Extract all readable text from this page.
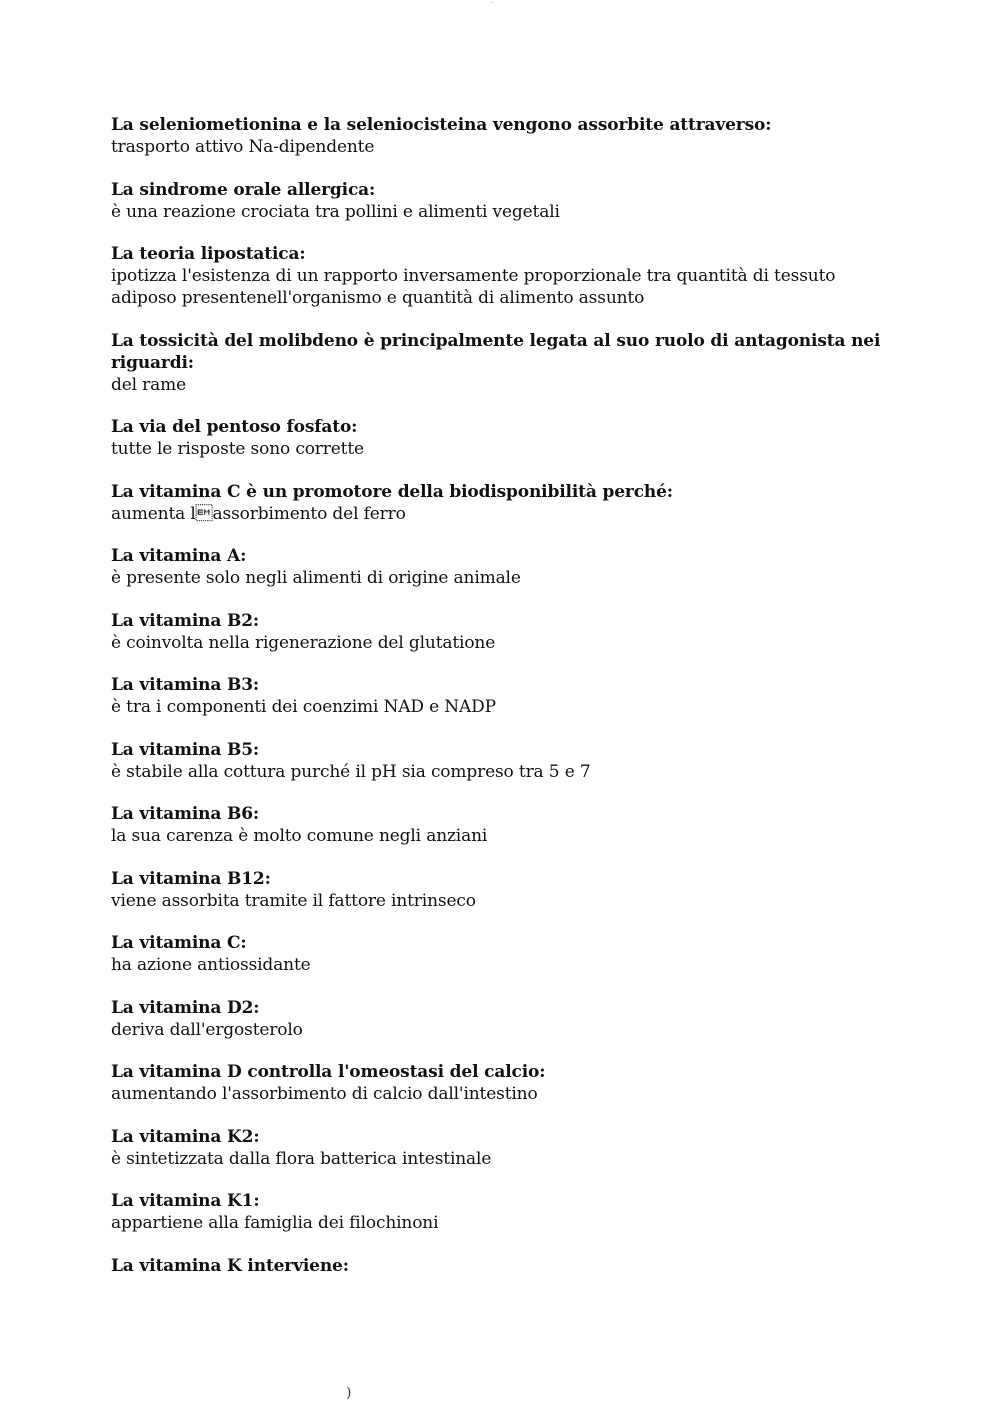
~~~
La seleniometionina e la seleniocisteina vengono assorbite attraverso:
trasporto attivo Na-dipendente
La sindrome orale allergica:
è una reazione crociata tra pollini e alimenti vegetali
La teoria lipostatica:
ipotizza l'esistenza di un rapporto inversamente proporzionale tra quantità di tessuto adiposo presentenell'organismo e quantità di alimento assunto
La tossicità del molibdeno è principalmente legata al suo ruolo di antagonista nei riguardi:
del rame
La via del pentoso fosfato:
tutte le risposte sono corrette
La vitamina C è un promotore della biodisponibilità perché:
aumenta lassorbimento del ferro
La vitamina A:
è presente solo negli alimenti di origine animale
La vitamina B2:
è coinvolta nella rigenerazione del glutatione
La vitamina B3:
è tra i componenti dei coenzimi NAD e NADP
La vitamina B5:
è stabile alla cottura purché il pH sia compreso tra 5 e 7
La vitamina B6:
la sua carenza è molto comune negli anziani
La vitamina B12:
viene assorbita tramite il fattore intrinseco
La vitamina C:
ha azione antiossidante
La vitamina D2:
deriva dall'ergosterolo
La vitamina D controlla l'omeostasi del calcio:
aumentando l'assorbimento di calcio dall'intestino
La vitamina K2:
è sintetizzata dalla flora batterica intestinale
La vitamina K1:
appartiene alla famiglia dei filochinoni
La vitamina K interviene:
)
